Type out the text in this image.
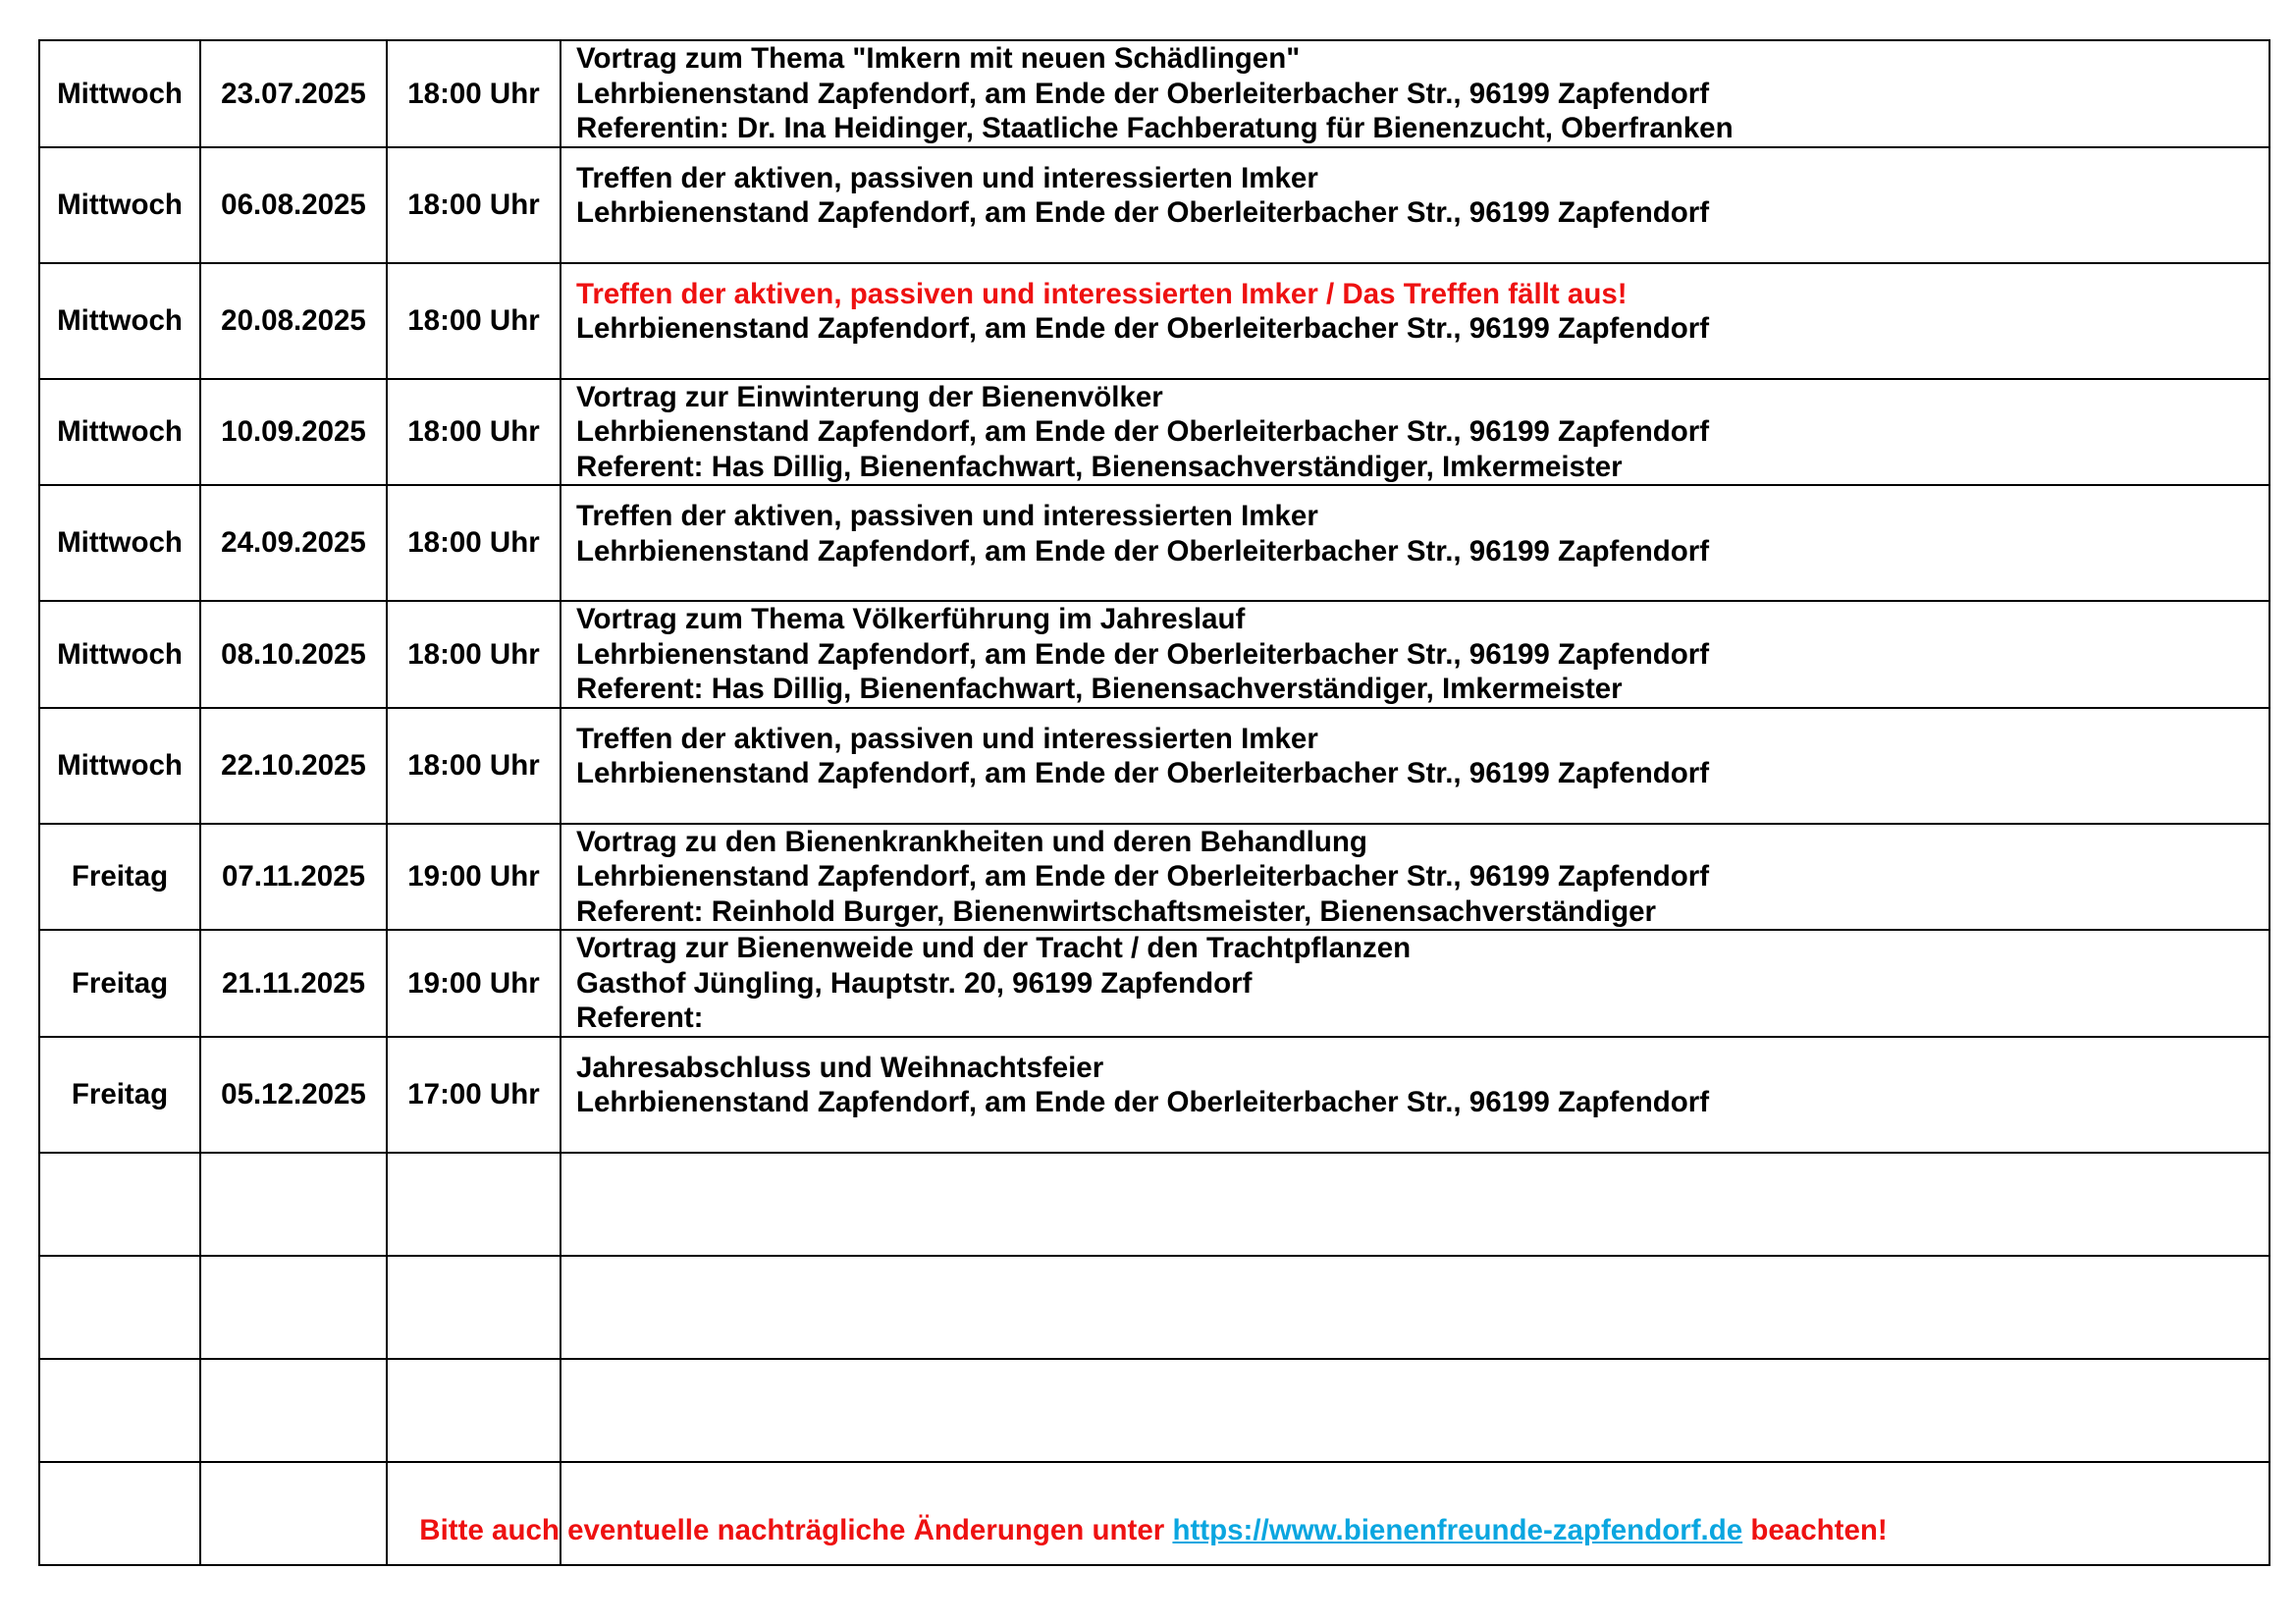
Mittwoch	23.07.2025	18:00 Uhr	Vortrag zum Thema "Imkern mit neuen Schädlingen"
Lehrbienenstand Zapfendorf, am Ende der Oberleiterbacher Str., 96199 Zapfendorf
Referentin: Dr. Ina Heidinger, Staatliche Fachberatung für Bienenzucht, Oberfranken

Mittwoch	06.08.2025	18:00 Uhr	Treffen der aktiven, passiven und interessierten Imker
Lehrbienenstand Zapfendorf, am Ende der Oberleiterbacher Str., 96199 Zapfendorf

Mittwoch	20.08.2025	18:00 Uhr	Treffen der aktiven, passiven und interessierten Imker / Das Treffen fällt aus!
Lehrbienenstand Zapfendorf, am Ende der Oberleiterbacher Str., 96199 Zapfendorf

Mittwoch	10.09.2025	18:00 Uhr	Vortrag zur Einwinterung der Bienenvölker
Lehrbienenstand Zapfendorf, am Ende der Oberleiterbacher Str., 96199 Zapfendorf
Referent: Has Dillig, Bienenfachwart, Bienensachverständiger, Imkermeister

Mittwoch	24.09.2025	18:00 Uhr	Treffen der aktiven, passiven und interessierten Imker
Lehrbienenstand Zapfendorf, am Ende der Oberleiterbacher Str., 96199 Zapfendorf

Mittwoch	08.10.2025	18:00 Uhr	Vortrag zum Thema Völkerführung im Jahreslauf
Lehrbienenstand Zapfendorf, am Ende der Oberleiterbacher Str., 96199 Zapfendorf
Referent: Has Dillig, Bienenfachwart, Bienensachverständiger, Imkermeister

Mittwoch	22.10.2025	18:00 Uhr	Treffen der aktiven, passiven und interessierten Imker
Lehrbienenstand Zapfendorf, am Ende der Oberleiterbacher Str., 96199 Zapfendorf

Freitag	07.11.2025	19:00 Uhr	Vortrag zu den Bienenkrankheiten und deren Behandlung
Lehrbienenstand Zapfendorf, am Ende der Oberleiterbacher Str., 96199 Zapfendorf
Referent: Reinhold Burger, Bienenwirtschaftsmeister, Bienensachverständiger

Freitag	21.11.2025	19:00 Uhr	Vortrag zur Bienenweide und der Tracht / den Trachtpflanzen
Gasthof Jüngling, Hauptstr. 20, 96199 Zapfendorf
Referent:

Freitag	05.12.2025	17:00 Uhr	Jahresabschluss und Weihnachtsfeier
Lehrbienenstand Zapfendorf, am Ende der Oberleiterbacher Str., 96199 Zapfendorf

Bitte auch eventuelle nachträgliche Änderungen unter https://www.bienenfreunde-zapfendorf.de beachten!
